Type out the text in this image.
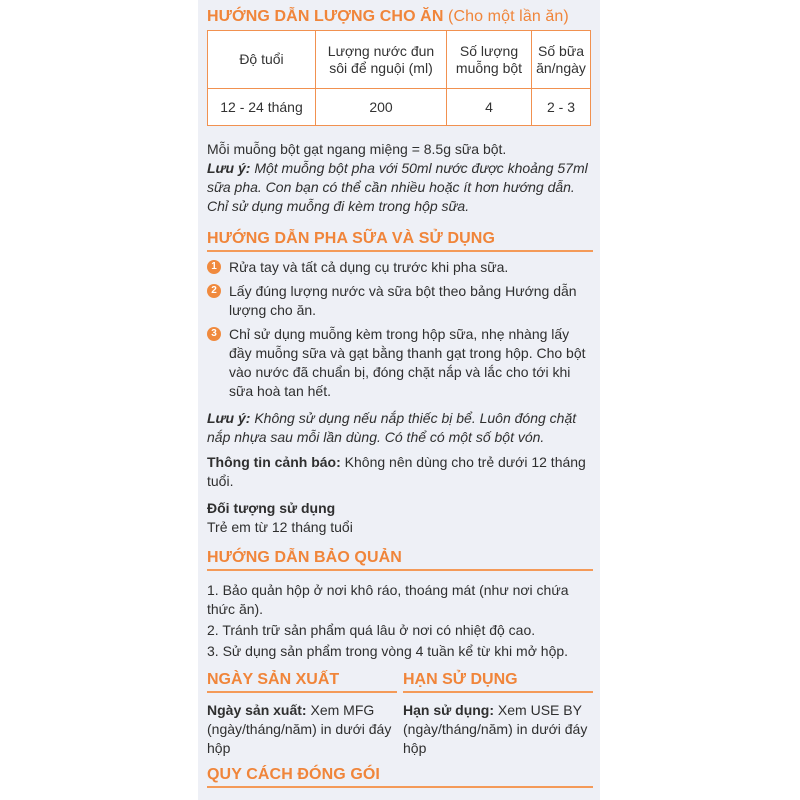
HƯỚNG DẪN LƯỢNG CHO ĂN (Cho một lần ăn)
Độ tuổi	Lượng nước đun sôi để nguội (ml)	Số lượng muỗng bột	Số bữa ăn/ngày
12 - 24 tháng	200	4	2 - 3
Mỗi muỗng bột gạt ngang miệng = 8.5g sữa bột.
Lưu ý: Một muỗng bột pha với 50ml nước được khoảng 57ml sữa pha. Con bạn có thể cần nhiều hoặc ít hơn hướng dẫn. Chỉ sử dụng muỗng đi kèm trong hộp sữa.
HƯỚNG DẪN PHA SỮA VÀ SỬ DỤNG
1 Rửa tay và tất cả dụng cụ trước khi pha sữa.
2 Lấy đúng lượng nước và sữa bột theo bảng Hướng dẫn lượng cho ăn.
3 Chỉ sử dụng muỗng kèm trong hộp sữa, nhẹ nhàng lấy đầy muỗng sữa và gạt bằng thanh gạt trong hộp. Cho bột vào nước đã chuẩn bị, đóng chặt nắp và lắc cho tới khi sữa hoà tan hết.
Lưu ý: Không sử dụng nếu nắp thiếc bị bể. Luôn đóng chặt nắp nhựa sau mỗi lần dùng. Có thể có một số bột vón.
Thông tin cảnh báo: Không nên dùng cho trẻ dưới 12 tháng tuổi.
Đối tượng sử dụng
Trẻ em từ 12 tháng tuổi
HƯỚNG DẪN BẢO QUẢN
1. Bảo quản hộp ở nơi khô ráo, thoáng mát (như nơi chứa thức ăn).
2. Tránh trữ sản phẩm quá lâu ở nơi có nhiệt độ cao.
3. Sử dụng sản phẩm trong vòng 4 tuần kể từ khi mở hộp.
NGÀY SẢN XUẤT
Ngày sản xuất: Xem MFG (ngày/tháng/năm) in dưới đáy hộp
HẠN SỬ DỤNG
Hạn sử dụng: Xem USE BY (ngày/tháng/năm) in dưới đáy hộp
QUY CÁCH ĐÓNG GÓI
